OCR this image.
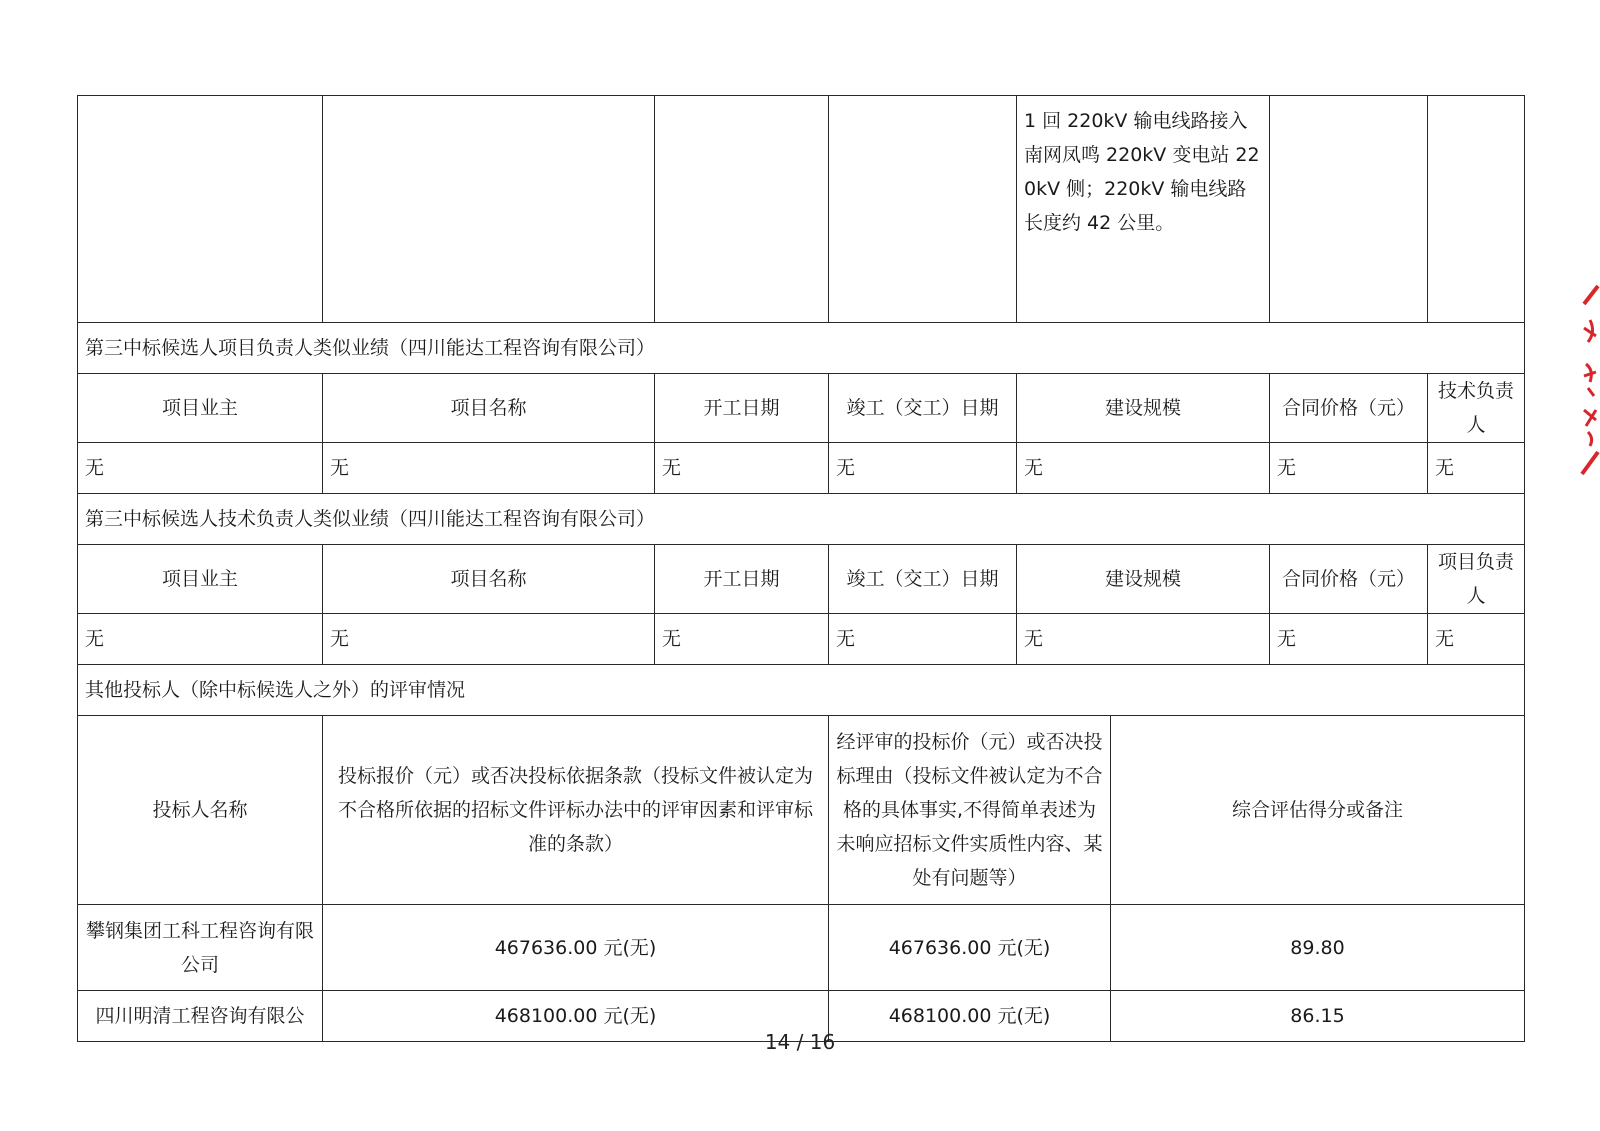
				1 回 220kV 输电线路接入南网凤鸣 220kV 变电站 220kV 侧；220kV 输电线路长度约 42 公里。			
第三中标候选人项目负责人类似业绩（四川能达工程咨询有限公司）							
项目业主	项目名称	开工日期	竣工（交工）日期	建设规模		合同价格（元）	技术负责人
无	无	无	无	无		无	无
第三中标候选人技术负责人类似业绩（四川能达工程咨询有限公司）							
项目业主	项目名称	开工日期	竣工（交工）日期	建设规模		合同价格（元）	项目负责人
无	无	无	无	无		无	无
其他投标人（除中标候选人之外）的评审情况							
投标人名称	投标报价（元）或否决投标依据条款（投标文件被认定为不合格所依据的招标文件评标办法中的评审因素和评审标准的条款）		经评审的投标价（元）或否决投标理由（投标文件被认定为不合格的具体事实,不得简单表述为未响应招标文件实质性内容、某处有问题等）		综合评估得分或备注		
攀钢集团工科工程咨询有限公司	467636.00 元(无)		467636.00 元(无)		89.80		
四川明清工程咨询有限公	468100.00 元(无)		468100.00 元(无)		86.15		
14 / 16
